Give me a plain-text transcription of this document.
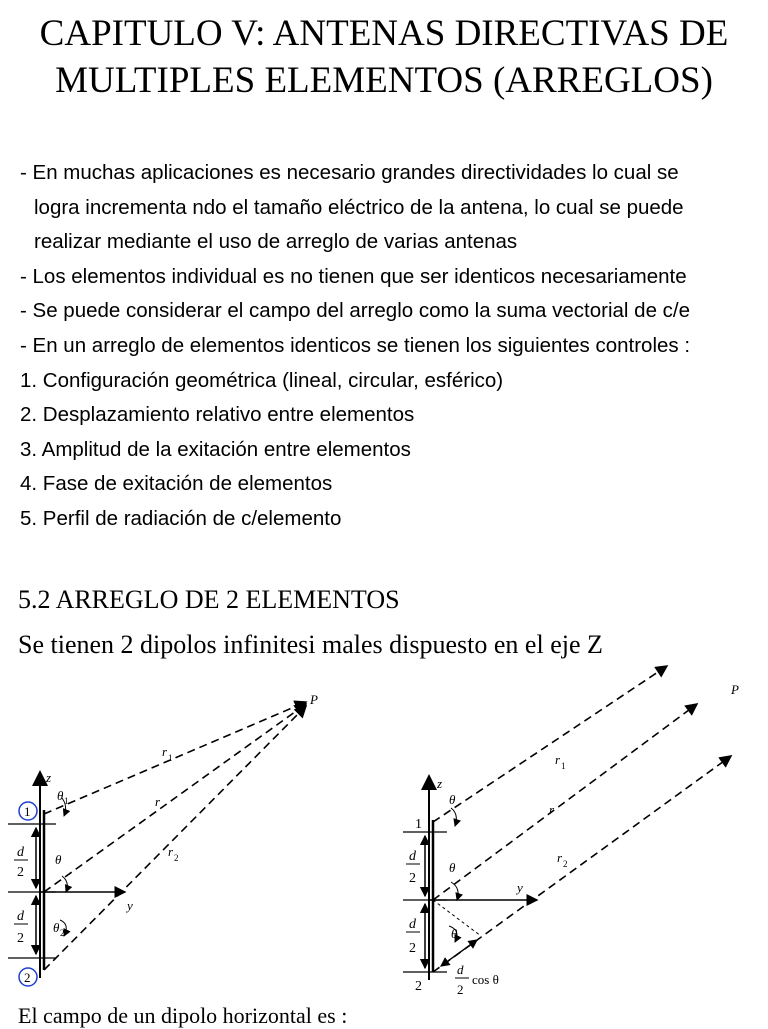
CAPITULO V: ANTENAS DIRECTIVAS DE
MULTIPLES ELEMENTOS (ARREGLOS)
- En muchas aplicaciones es necesario grandes directividades lo cual se
logra incrementa ndo el tamaño eléctrico de la antena, lo cual se puede
realizar mediante el uso de arreglo de varias antenas
- Los elementos individual es no tienen que ser identicos necesariamente
- Se puede considerar el campo del arreglo como la suma vectorial de c/e
- En un arreglo de elementos identicos se tienen los siguientes controles :
1. Configuración geométrica (lineal, circular, esférico)
2. Desplazamiento relativo entre elementos
3. Amplitud de la exitación entre elementos
4. Fase de exitación de elementos
5. Perfil de radiación de c/elemento
5.2 ARREGLO DE 2 ELEMENTOS
Se tienen 2 dipolos infinitesi males dispuesto en el eje Z
1
2
d
2
d
2
z
y
P
r 1
r
r 2
θ 1
θ
θ 2
z
y
P
1
2
d
2
d
2
r 1
r
r 2
θ
θ
θ
d
2
cos θ
El campo de un dipolo horizontal es :
